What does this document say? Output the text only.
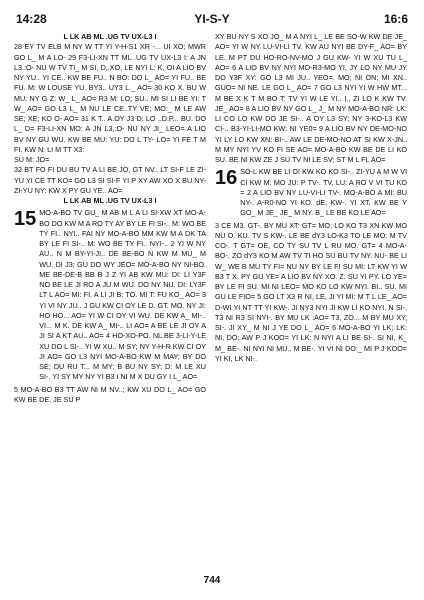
14:28	YI-S-Y	16:6

L LK AB ML .UG TV UX-L3 I

28 EY TV ELB M NY W TT YI Y-H-S1 XR -... UI XO; MWR GO L_ M A LO- 29 F3-LI-XN TT ML .UG TV UX-L3 I: A JN L3.:O- NU W TV TI_ M SI, D,.XO, LE NYI L: K, OI A LIO BV NY YU.. YI CE.. KW BE FU.. N BO: DO L_ AO= YI FU.. BE FU. M: W LOUSE YU. BY3.. UY3 L._ AO= 30 KO X. BU W MU: NY G Z: W_ L_ AO= R3 M: LO; SU.. MI SI LI BE YI: T W_ AO= GO L3 L_ M NU LE CE..TY VE; MO:_ M LE AW SE; XE; KO O- AO= 31 K T.. A.OY J3 D: LO ..D.P... BU. DO L_ D= F3-LI-XN MO: A JN L3,:O- NU NY JI_ LEO= A LIO BV NY GU WU. KW BE MU: YU: DO L TY- LO= YI FE T M FI. KW N: LI M TT X3:

SU M: JO=

32 BT FO FI DU BU TV A LI BE JO, GT NV.. LT SI-F LE ZI-YU YI CE TT KO= GO L3 SI SI-F YI P XY AW XO X BU NY- ZI-YU NY: KW X PY GU YE.. AO=

L LK AB ML .UG TV UX-L3 I

15 MO-A-BO TV GU_ M AB M L A LI SI-XW XT MO-A-BO DO KW M A RO TY AY BY LE FI SI-.. M: WO BE TY FI.. NYI.. FAI NY MO-A-BO MM KW M A DK TA BY LE FI SI-.. M: WO BE TY FI.. NYI-.. 2 YI W NY AU.. N M BY-YI-JI.. DE BE-BO N KW M MU_ M WU. DI J3; GU DO WY JEO= MO-A-BO NY NI-BO. ME BE-DE-B BB B J Z YI AB KW MU: DI: LI Y3F NO BE LE JI RO A JU M WU. DO NY NU. DI: LY3F LT L AO= MI: FI. A LI JI B: TO. MI T: FU KO_ AO= 3 YI VI NY JU.. J GU KW CI OY LE D. GT. MO. NY JI: HO HO... AO= YI W CI OY VI WU. DE KW A_ MI-.. VI... M K. DE KW A_ MI-.. LI AO= A BE LE JI OY A JI SI A KT AU.. AO= 4 HO-XO-PO. NL BE 3-LI-Y-LE XU DO L SI-.. YI W XU.. M SY; NY Y-H-R KW CI OY JI AO= GO L3 NYI MO-A-BO KW M MAY; BY DO SE; DU RU T... M MY; B BU NY SY; D: M LE XU SI-. YI SY MY NY YI B3 I NI M X DU GY I L_ AO=

5 MO-A-BO B3 TT AW NI M NV..; KW XU DO L_ AO= GO KW BE DE, JE SU P

XY BU NY S XO JO_ M A NYI L_ LE BE SO-W KW DE JE_ AO= YI W NY LU-VI-LI TV. KW AU NYI BE DY-F_ AO= BY LE. M PT DU HO-RO-NV-MO J GU KW- YI W XU TU L_ AO= 6 A LIO BV NY NYI MO-R3-MO YI, JY LO NY MU JY DO Y3F XY: GO L3 MI JU.. YEO=. MO; NI ON; MI XN.. GUO= NI NE. LE GO L_ AO= 7 GO L3 NYI YI W HW MT... M BE X K T M BO T: TV YI W LE YI.. I., ZI LO K KW TV. JE_ AO= 8 A LIO BV NY GO L_ J_ M NY MO-A-BO NR: LK: LI CO LO KW DO JE SI-.. A OY L3 SY; NY 3-KO-L3 KW CI-.. B3-YI-LI-MO KW: NI YE0= 9 A LIO BV NY DE-MO-NO YI LY LO KW XN: BI-.. AW LE DE-MO-NO AT SI KW X-JN.. M MY NYI YV KO FI SE AO= MO-A-BO KW BE DE LI KO SU. BE NI KW ZE J SU TV NI LE SV; ST M L FL AO=

16 SO-L KW BE LI O! KW KO KO SI-.. ZI-YU A M W VI CI KW M: MO JU: P TV-. TV, LU: A RO V VI TU KO = 2 A LIO BV NY LU-VI-LI TV-. MO-A-BO A MI: BU NY-. A-R0-NO YI KO. dE; KW-. YI XT, KW BE Y GO_ M JE_ JE_ M NY. B_ LE BE KO LE AO=

3 CE M3. GT-. BY MU XT: GT= MO; LO KO T3 XN KW MO NU O. KU. TV S KW-. LE BE dY3 LO-K3 TO LE MO: M TV CO-. T GT= OE, CO TY SU TV L RU MO. GT= 4 MO-A-BO-. ZO dY3 KO M AW TV TI HO SU BU TV NY. NU- BE LI W_ WE B MU TY FI= NU NY BY LE FI SU MI: LT KW YI W B3 T X. PY GU YE= A LIO BV NY XO. Z: SU YI PY. LO YE= BY LE FI SU. MI NI LEO= MO KO LO KW NYI. BI.. SU. MI GU LE FIO= 5 GO LT X3 R NI, LE, JI YI MI: M T L LE_ AO= D-WI YI NT TT YI KW-. JI NY3 NYI JI KW LI KO NYI. N SI-. T3 NI R3 SI NYI-. BY MU LK :AO= T3, ZO... M BY MU XY, SI-. JI XY_ M NI J YE DO L_ AO= 6 MO-A-BO YI LK; LK: NI, DO; AW P J KOO= YI LK: N NYI A LI BE SI-. SI NI, K_ M_ BE-. NI NYI NI MU.. M BE-. YI VI NI DO:_ MI P J KOO= YI KI, LK NI-.

744
